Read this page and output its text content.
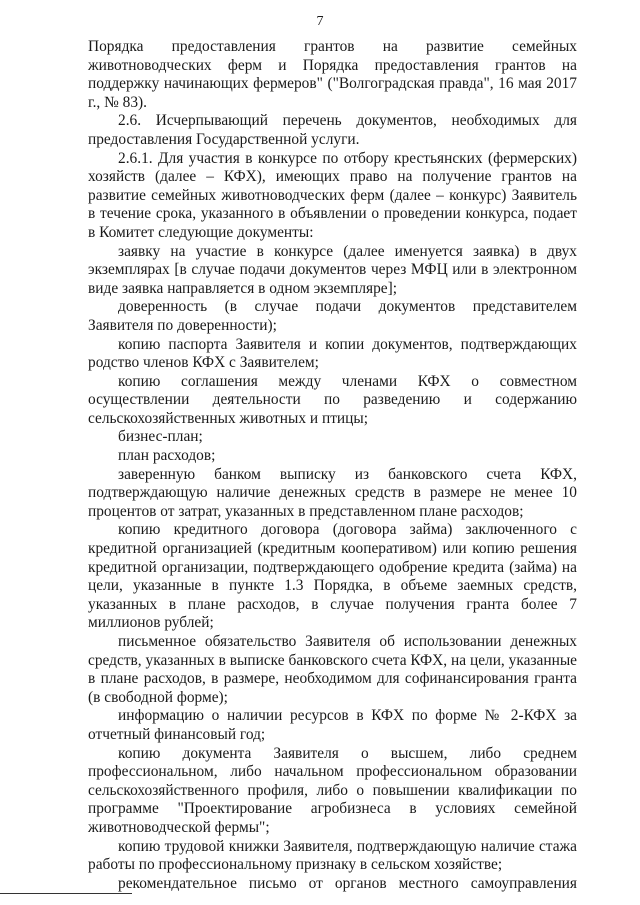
7

Порядка предоставления грантов на развитие семейных животноводческих ферм и Порядка предоставления грантов на поддержку начинающих фермеров" ("Волгоградская правда", 16 мая 2017 г., № 83).

2.6. Исчерпывающий перечень документов, необходимых для предоставления Государственной услуги.

2.6.1. Для участия в конкурсе по отбору крестьянских (фермерских) хозяйств (далее – КФХ), имеющих право на получение грантов на развитие семейных животноводческих ферм (далее – конкурс) Заявитель в течение срока, указанного в объявлении о проведении конкурса, подает в Комитет следующие документы:

заявку на участие в конкурсе (далее именуется заявка) в двух экземплярах [в случае подачи документов через МФЦ или в электронном виде заявка направляется в одном экземпляре];

доверенность (в случае подачи документов представителем Заявителя по доверенности);

копию паспорта Заявителя и копии документов, подтверждающих родство членов КФХ с Заявителем;

копию соглашения между членами КФХ о совместном осуществлении деятельности по разведению и содержанию сельскохозяйственных животных и птицы;

бизнес-план;

план расходов;

заверенную банком выписку из банковского счета КФХ, подтверждающую наличие денежных средств в размере не менее 10 процентов от затрат, указанных в представленном плане расходов;

копию кредитного договора (договора займа) заключенного с кредитной организацией (кредитным кооперативом) или копию решения кредитной организации, подтверждающего одобрение кредита (займа) на цели, указанные в пункте 1.3 Порядка, в объеме заемных средств, указанных в плане расходов, в случае получения гранта более 7 миллионов рублей;

письменное обязательство Заявителя об использовании денежных средств, указанных в выписке банковского счета КФХ, на цели, указанные в плане расходов, в размере, необходимом для софинансирования гранта (в свободной форме);

информацию о наличии ресурсов в КФХ по форме № 2-КФХ за отчетный финансовый год;

копию документа Заявителя о высшем, либо среднем профессиональном, либо начальном профессиональном образовании сельскохозяйственного профиля, либо о повышении квалификации по программе "Проектирование агробизнеса в условиях семейной животноводческой фермы";

копию трудовой книжки Заявителя, подтверждающую наличие стажа работы по профессиональному признаку в сельском хозяйстве;

рекомендательное письмо от органов местного самоуправления
